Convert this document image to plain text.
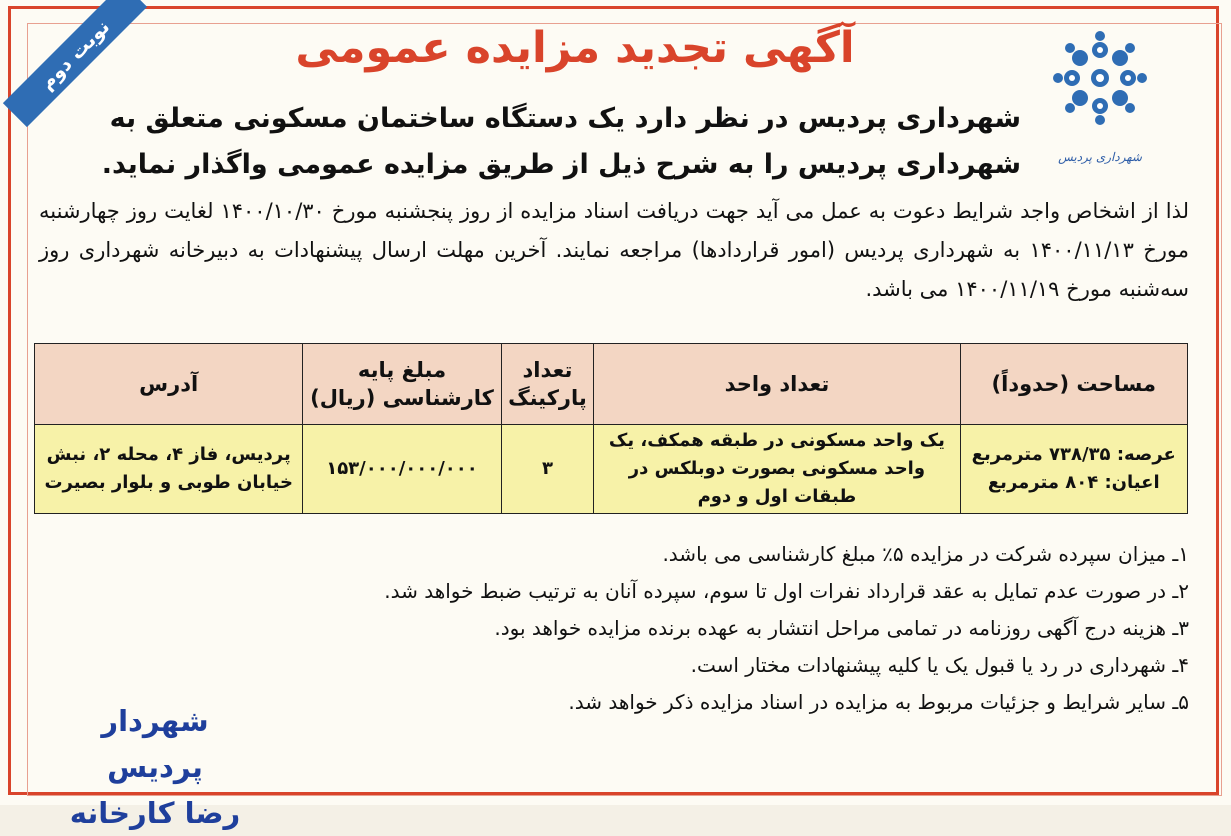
نوبت دوم	آگهی تجدید مزایده عمومی
شهرداری پردیس
شهرداری پردیس در نظر دارد یک دستگاه ساختمان مسکونی متعلق به شهرداری پردیس را به شرح ذیل از طریق مزایده عمومی واگذار نماید.
لذا از اشخاص واجد شرایط دعوت به عمل می آید جهت دریافت اسناد مزایده از روز پنجشنبه مورخ ۱۴۰۰/۱۰/۳۰ لغایت روز چهارشنبه مورخ ۱۴۰۰/۱۱/۱۳ به شهرداری پردیس (امور قراردادها) مراجعه نمایند. آخرین مهلت ارسال پیشنهادات به دبیرخانه شهرداری روز سه‌شنبه مورخ ۱۴۰۰/۱۱/۱۹ می باشد.
مساحت (حدوداً)	تعداد واحد	تعداد پارکینگ	مبلغ پایه کارشناسی (ریال)	آدرس
عرصه: ۷۳۸/۳۵ مترمربع اعیان: ۸۰۴ مترمربع	یک واحد مسکونی در طبقه همکف، یک واحد مسکونی بصورت دوبلکس در طبقات اول و دوم	۳	۱۵۳/۰۰۰/۰۰۰/۰۰۰	پردیس، فاز ۴، محله ۲، نبش خیابان طوبی و بلوار بصیرت
۱ـ میزان سپرده شرکت در مزایده ۵٪ مبلغ کارشناسی می باشد.
۲ـ در صورت عدم تمایل به عقد قرارداد نفرات اول تا سوم، سپرده آنان به ترتیب ضبط خواهد شد.
۳ـ هزینه درج آگهی روزنامه در تمامی مراحل انتشار به عهده برنده مزایده خواهد بود.
۴ـ شهرداری در رد یا قبول یک یا کلیه پیشنهادات مختار است.
۵ـ سایر شرایط و جزئیات مربوط به مزایده در اسناد مزایده ذکر خواهد شد.
شهردار پردیس
رضا کارخانه
